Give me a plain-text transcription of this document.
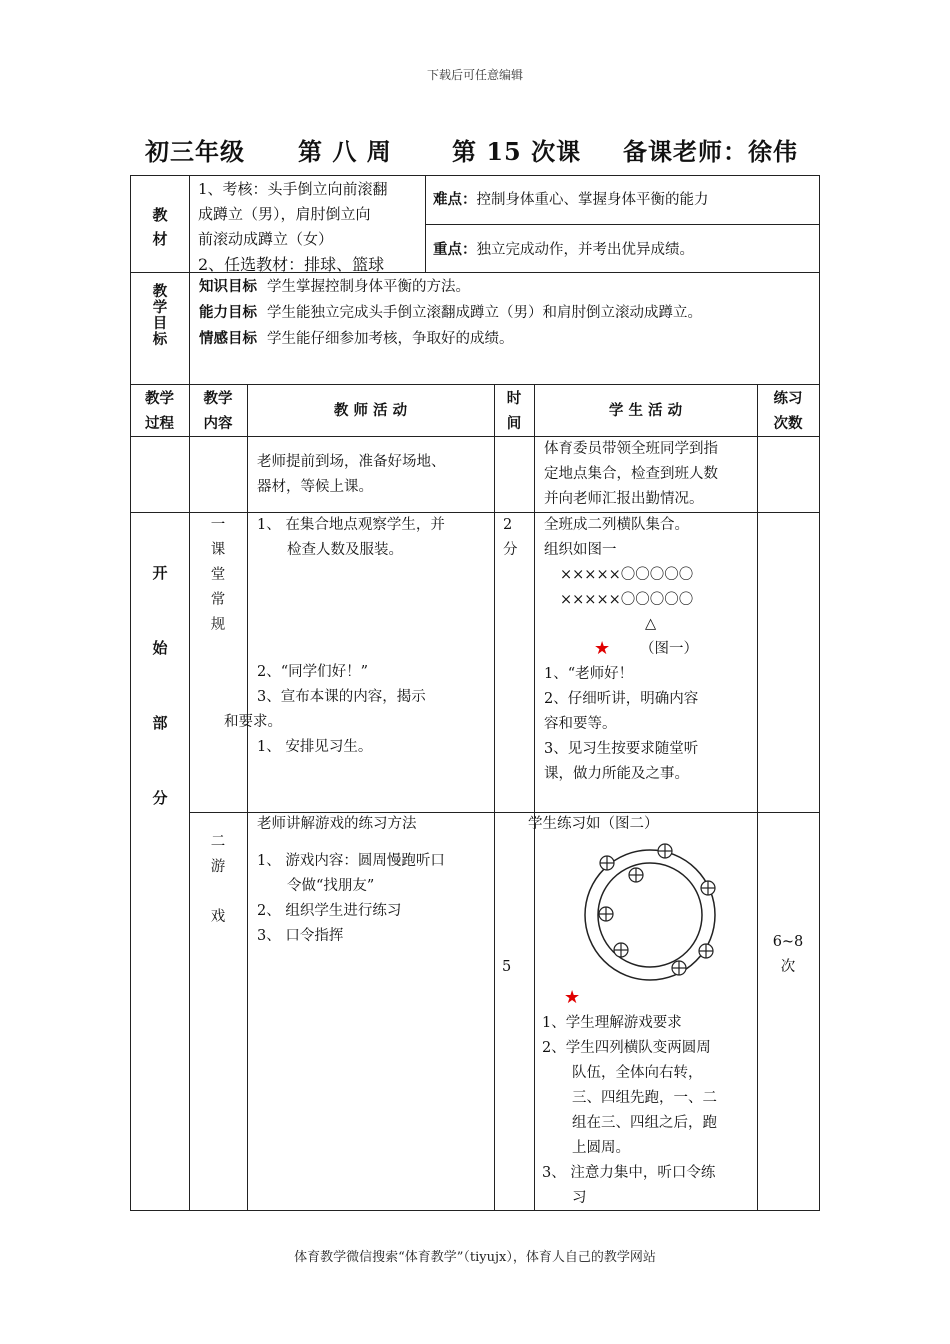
下载后可任意编辑
初三年级 第 八 周	第 15 次课 备课老师：徐伟
教材
1、考核：头手倒立向前滚翻
成蹲立（男），肩肘倒立向
前滚动成蹲立（女）
2、任选教材：排球、篮球
难点：控制身体重心、掌握身体平衡的能力
重点：独立完成动作，并考出优异成绩。
教
学
目
标
知识目标 学生掌握控制身体平衡的方法。
能力目标 学生能独立完成头手倒立滚翻成蹲立（男）和肩肘倒立滚动成蹲立。
情感目标 学生能仔细参加考核，争取好的成绩。
教学
过程
教学
内容
教 师 活 动
时
间
学 生 活 动
练习
次数
老师提前到场，准备好场地、
器材，等候上课。
体育委员带领全班同学到指
定地点集合，检查到班人数
并向老师汇报出勤情况。
开
始
部
分
一
课
堂
常
规
1、 在集合地点观察学生，并
检查人数及服装。
2、“同学们好！”
3、宣布本课的内容，揭示
和要求。
1、 安排见习生。
2
分
全班成二列横队集合。
组织如图一
×××××〇〇〇〇〇
×××××〇〇〇〇〇
△
★ （图一）
1、“老师好！
2、仔细听讲，明确内容
容和要等。
3、见习生按要求随堂听
课，做力所能及之事。
二
游
戏
老师讲解游戏的练习方法
1、 游戏内容：圆周慢跑听口
令做“找朋友”
2、 组织学生进行练习
3、 口令指挥
5
学生练习如（图二）
★
1、学生理解游戏要求
2、学生四列横队变两圆周
队伍，全体向右转，
三、四组先跑，一、二
组在三、四组之后，跑
上圆周。
3、 注意力集中，听口令练
习
6~8
次
体育教学微信搜索“体育教学”（tiyujx），体育人自己的教学网站
